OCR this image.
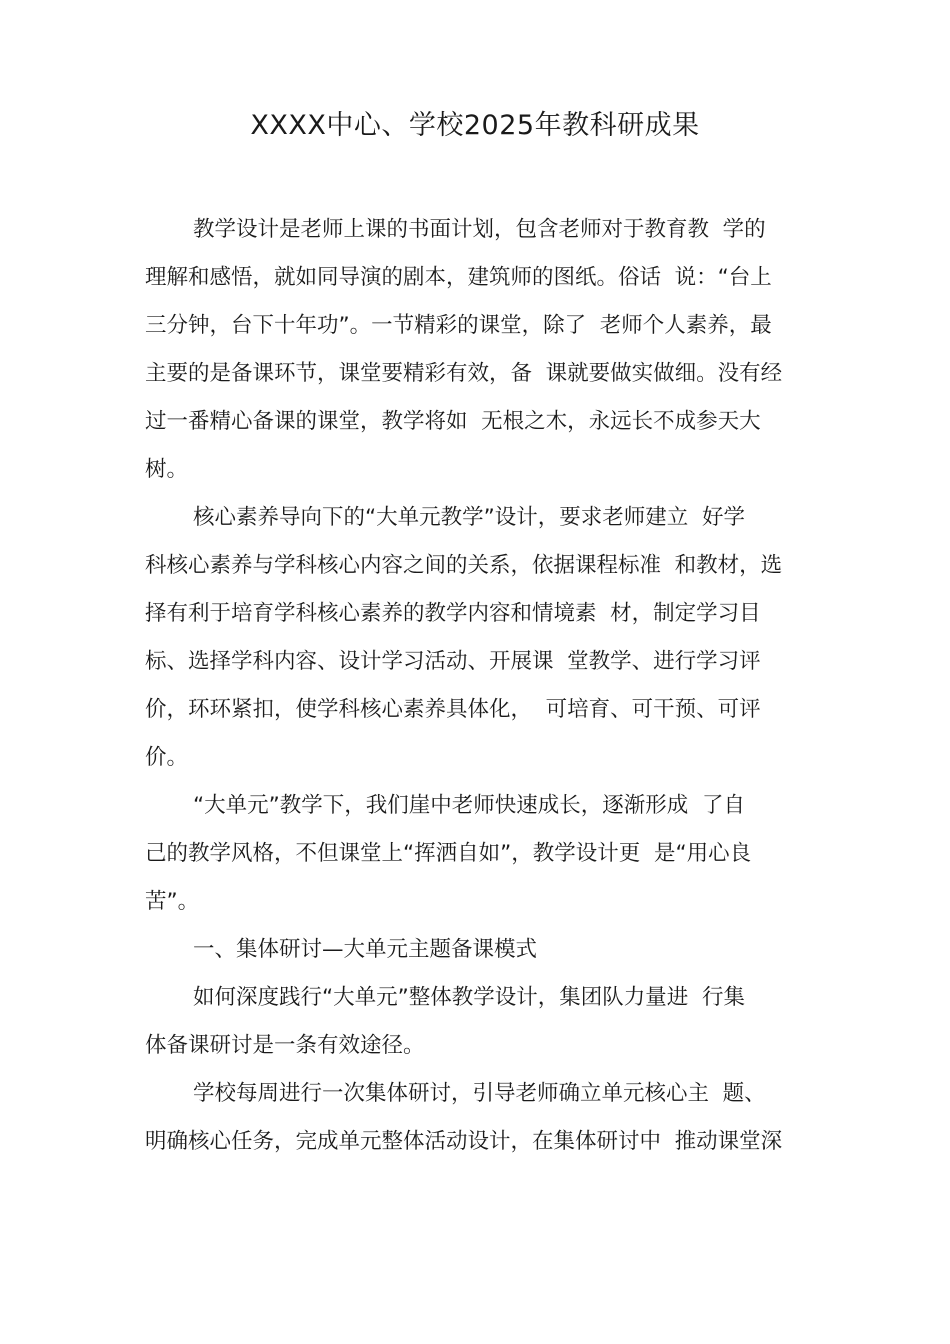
XXXX中心、学校2025年教科研成果

教学设计是老师上课的书面计划，包含老师对于教育教  学的
理解和感悟，就如同导演的剧本，建筑师的图纸。俗话  说：“台上
三分钟，台下十年功”。一节精彩的课堂，除了  老师个人素养，最
主要的是备课环节，课堂要精彩有效，备  课就要做实做细。没有经
过一番精心备课的课堂，教学将如  无根之木，永远长不成参天大
树。

核心素养导向下的“大单元教学”设计，要求老师建立  好学
科核心素养与学科核心内容之间的关系，依据课程标准  和教材，选
择有利于培育学科核心素养的教学内容和情境素  材，制定学习目
标、选择学科内容、设计学习活动、开展课  堂教学、进行学习评
价，环环紧扣，使学科核心素养具体化，  可培育、可干预、可评
价。

“大单元”教学下，我们崖中老师快速成长，逐渐形成  了自
己的教学风格，不但课堂上“挥洒自如”，教学设计更  是“用心良
苦”。

一、集体研讨—大单元主题备课模式

如何深度践行“大单元”整体教学设计，集团队力量进  行集
体备课研讨是一条有效途径。

学校每周进行一次集体研讨，引导老师确立单元核心主  题、
明确核心任务，完成单元整体活动设计，在集体研讨中  推动课堂深
